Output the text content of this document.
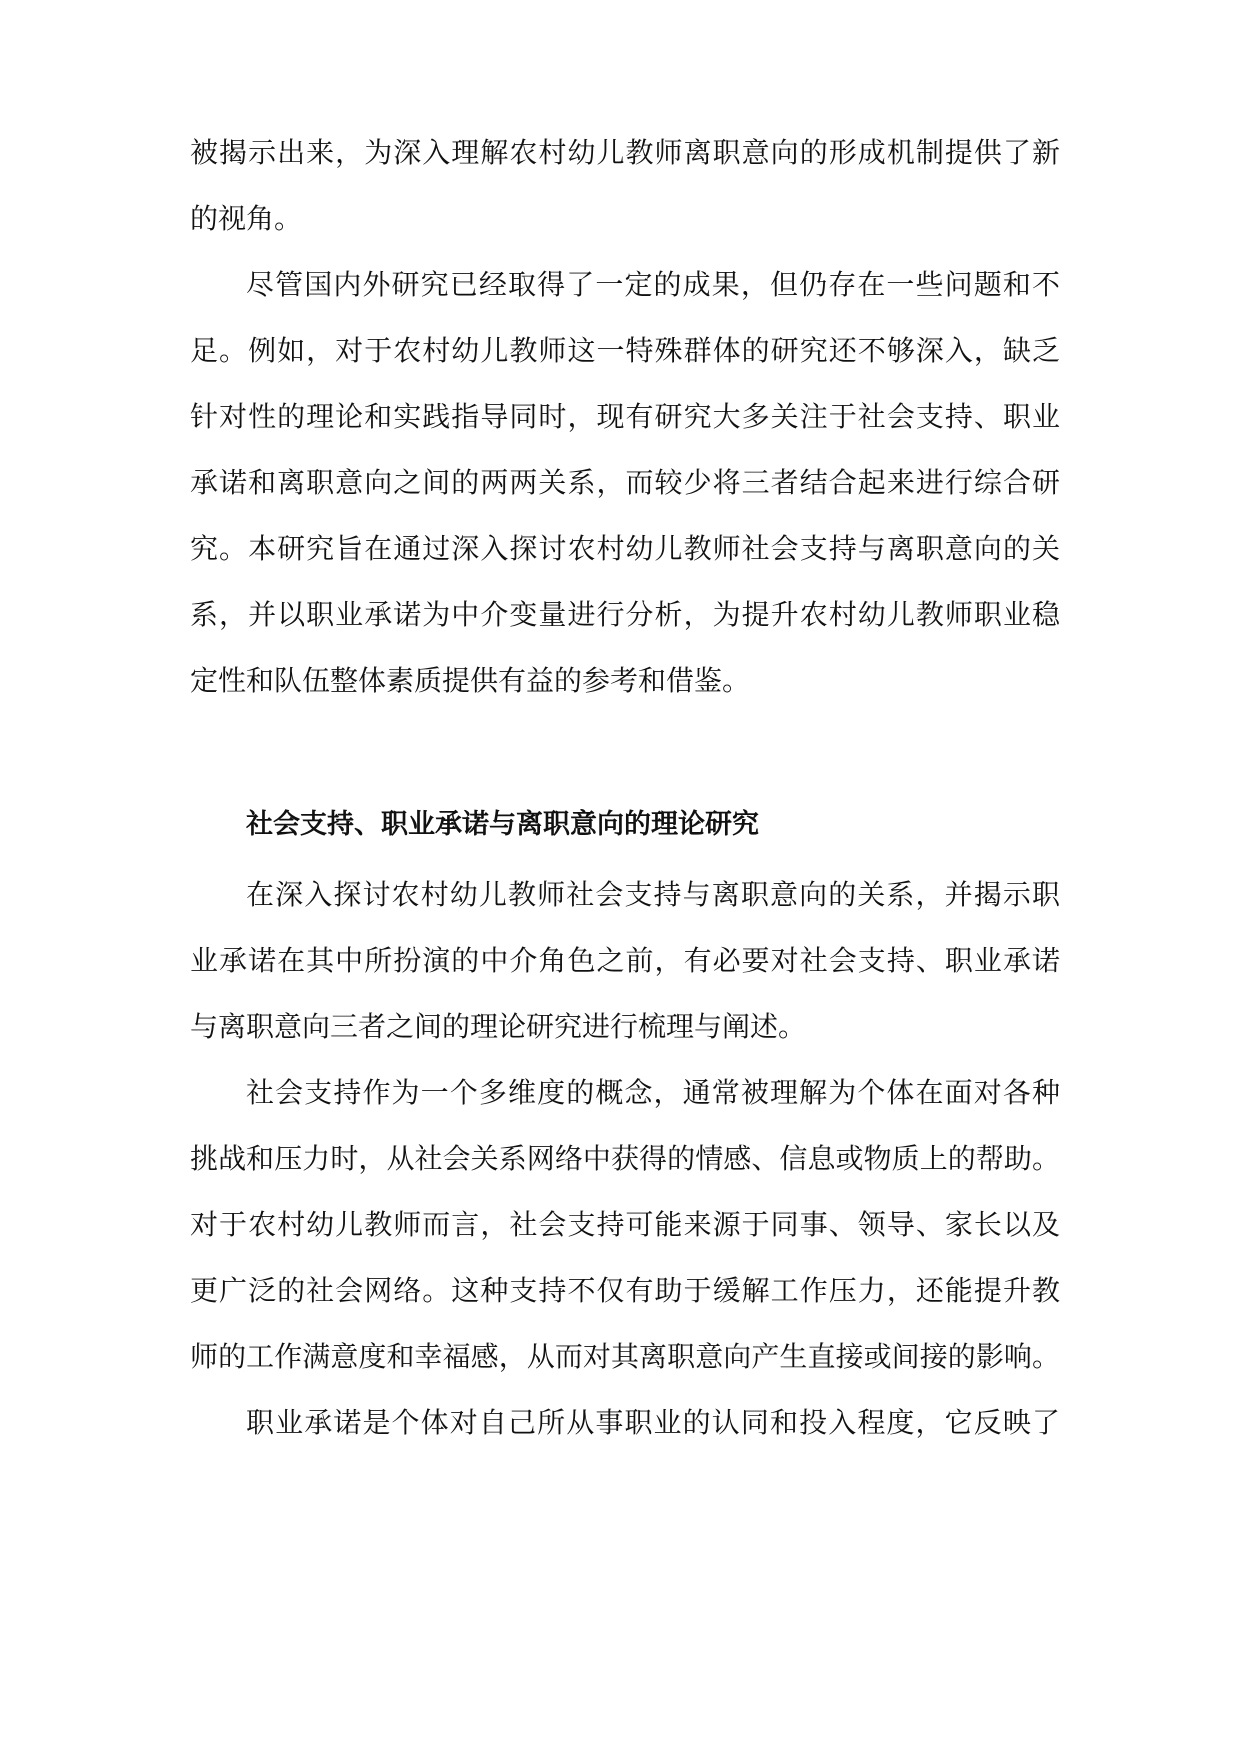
被揭示出来，为深入理解农村幼儿教师离职意向的形成机制提供了新

的视角。

尽管国内外研究已经取得了一定的成果，但仍存在一些问题和不

足。例如，对于农村幼儿教师这一特殊群体的研究还不够深入，缺乏

针对性的理论和实践指导同时，现有研究大多关注于社会支持、职业

承诺和离职意向之间的两两关系，而较少将三者结合起来进行综合研

究。本研究旨在通过深入探讨农村幼儿教师社会支持与离职意向的关

系，并以职业承诺为中介变量进行分析，为提升农村幼儿教师职业稳

定性和队伍整体素质提供有益的参考和借鉴。

社会支持、职业承诺与离职意向的理论研究

在深入探讨农村幼儿教师社会支持与离职意向的关系，并揭示职

业承诺在其中所扮演的中介角色之前，有必要对社会支持、职业承诺

与离职意向三者之间的理论研究进行梳理与阐述。

社会支持作为一个多维度的概念，通常被理解为个体在面对各种

挑战和压力时，从社会关系网络中获得的情感、信息或物质上的帮助。

对于农村幼儿教师而言，社会支持可能来源于同事、领导、家长以及

更广泛的社会网络。这种支持不仅有助于缓解工作压力，还能提升教

师的工作满意度和幸福感，从而对其离职意向产生直接或间接的影响。

职业承诺是个体对自己所从事职业的认同和投入程度，它反映了
